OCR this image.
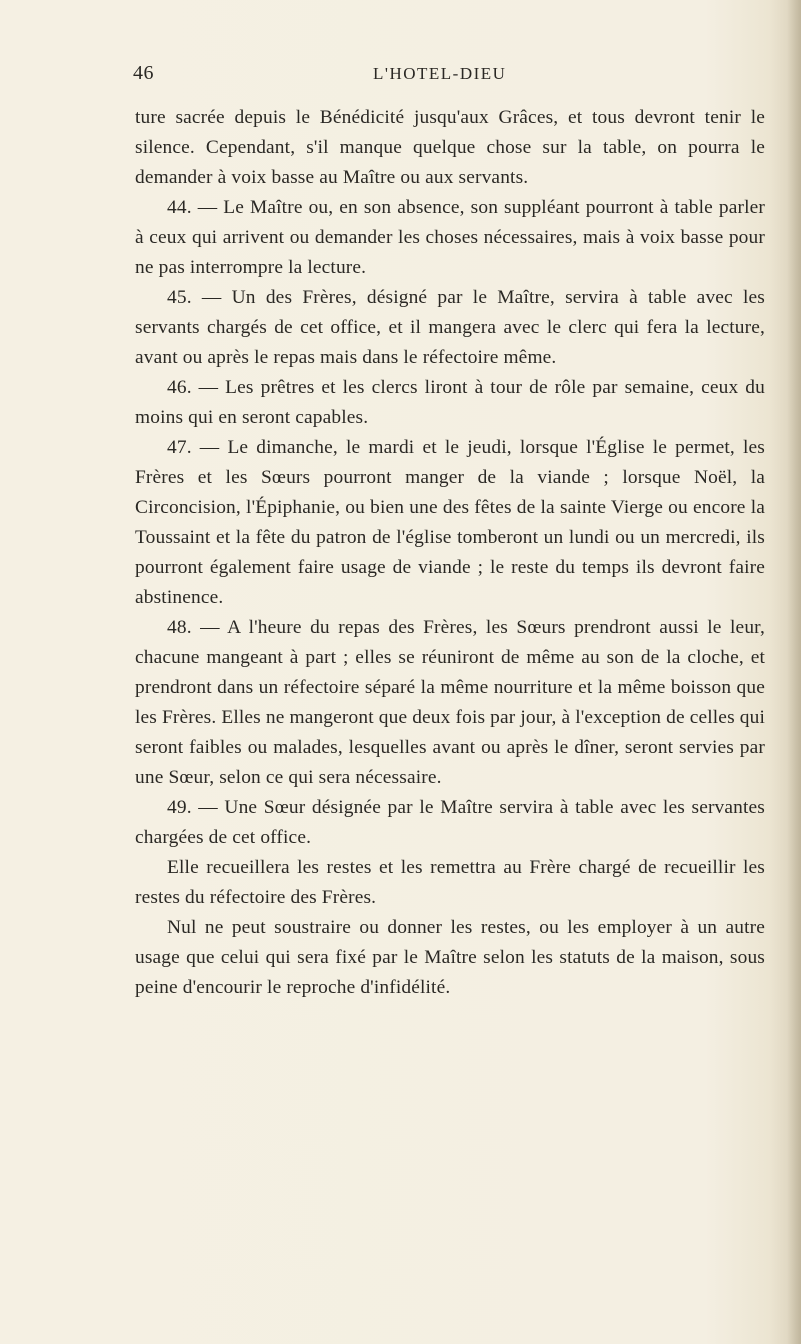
46	L'HOTEL-DIEU

ture sacrée depuis le Bénédicité jusqu'aux Grâces, et tous devront tenir le silence. Cependant, s'il manque quelque chose sur la table, on pourra le demander à voix basse au Maître ou aux servants.

44. — Le Maître ou, en son absence, son suppléant pourront à table parler à ceux qui arrivent ou demander les choses nécessaires, mais à voix basse pour ne pas interrompre la lecture.

45. — Un des Frères, désigné par le Maître, servira à table avec les servants chargés de cet office, et il mangera avec le clerc qui fera la lecture, avant ou après le repas mais dans le réfectoire même.

46. — Les prêtres et les clercs liront à tour de rôle par semaine, ceux du moins qui en seront capables.

47. — Le dimanche, le mardi et le jeudi, lorsque l'Église le permet, les Frères et les Sœurs pourront manger de la viande ; lorsque Noël, la Circoncision, l'Épiphanie, ou bien une des fêtes de la sainte Vierge ou encore la Toussaint et la fête du patron de l'église tomberont un lundi ou un mercredi, ils pourront également faire usage de viande ; le reste du temps ils devront faire abstinence.

48. — A l'heure du repas des Frères, les Sœurs prendront aussi le leur, chacune mangeant à part ; elles se réuniront de même au son de la cloche, et prendront dans un réfectoire séparé la même nourriture et la même boisson que les Frères. Elles ne mangeront que deux fois par jour, à l'exception de celles qui seront faibles ou malades, lesquelles avant ou après le dîner, seront servies par une Sœur, selon ce qui sera nécessaire.

49. — Une Sœur désignée par le Maître servira à table avec les servantes chargées de cet office.

Elle recueillera les restes et les remettra au Frère chargé de recueillir les restes du réfectoire des Frères.

Nul ne peut soustraire ou donner les restes, ou les employer à un autre usage que celui qui sera fixé par le Maître selon les statuts de la maison, sous peine d'encourir le reproche d'infidélité.
